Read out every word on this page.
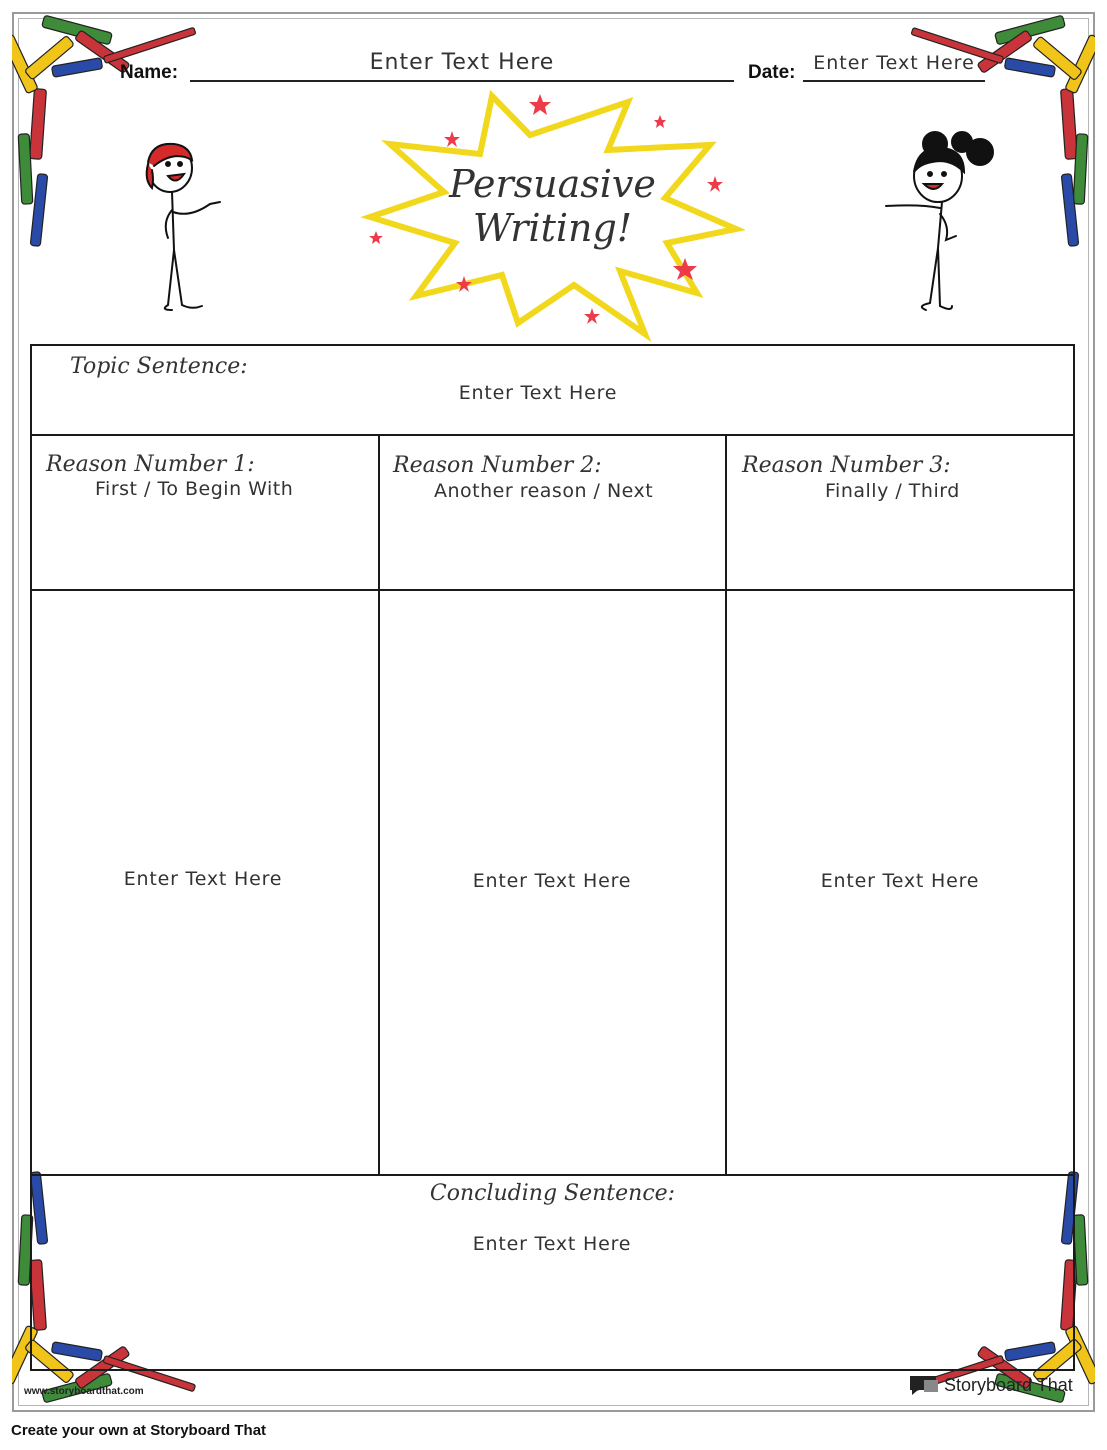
Name:	Enter Text Here	Date: Enter Text Here
Persuasive
Writing!
Topic Sentence:
Enter Text Here
Reason Number 1:
First / To Begin With
Reason Number 2:
Another reason / Next
Reason Number 3:
Finally / Third
Enter Text Here	Enter Text Here	Enter Text Here
Concluding Sentence:
Enter Text Here
www.storyboardthat.com	Storyboard That
Create your own at Storyboard That
